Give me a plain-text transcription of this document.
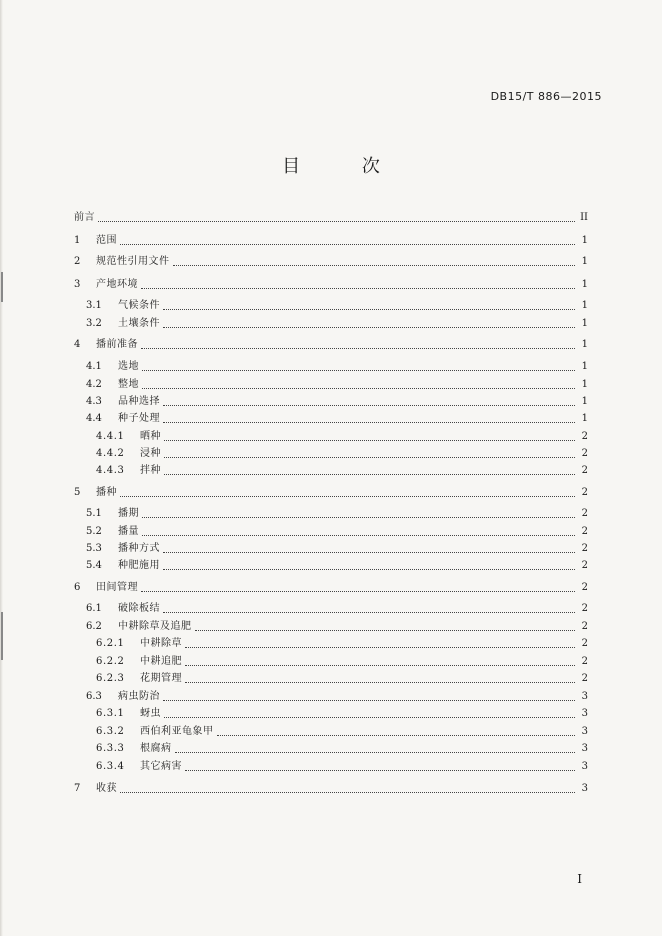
DB15/T 886—2015
目 次
前言	II
1	范围	1
2	规范性引用文件	1
3	产地环境	1
3.1	气候条件	1
3.2	土壤条件	1
4	播前准备	1
4.1	选地	1
4.2	整地	1
4.3	品种选择	1
4.4	种子处理	1
4.4.1	晒种	2
4.4.2	浸种	2
4.4.3	拌种	2
5	播种	2
5.1	播期	2
5.2	播量	2
5.3	播种方式	2
5.4	种肥施用	2
6	田间管理	2
6.1	破除板结	2
6.2	中耕除草及追肥	2
6.2.1	中耕除草	2
6.2.2	中耕追肥	2
6.2.3	花期管理	2
6.3	病虫防治	3
6.3.1	蚜虫	3
6.3.2	西伯利亚龟象甲	3
6.3.3	根腐病	3
6.3.4	其它病害	3
7	收获	3
I
